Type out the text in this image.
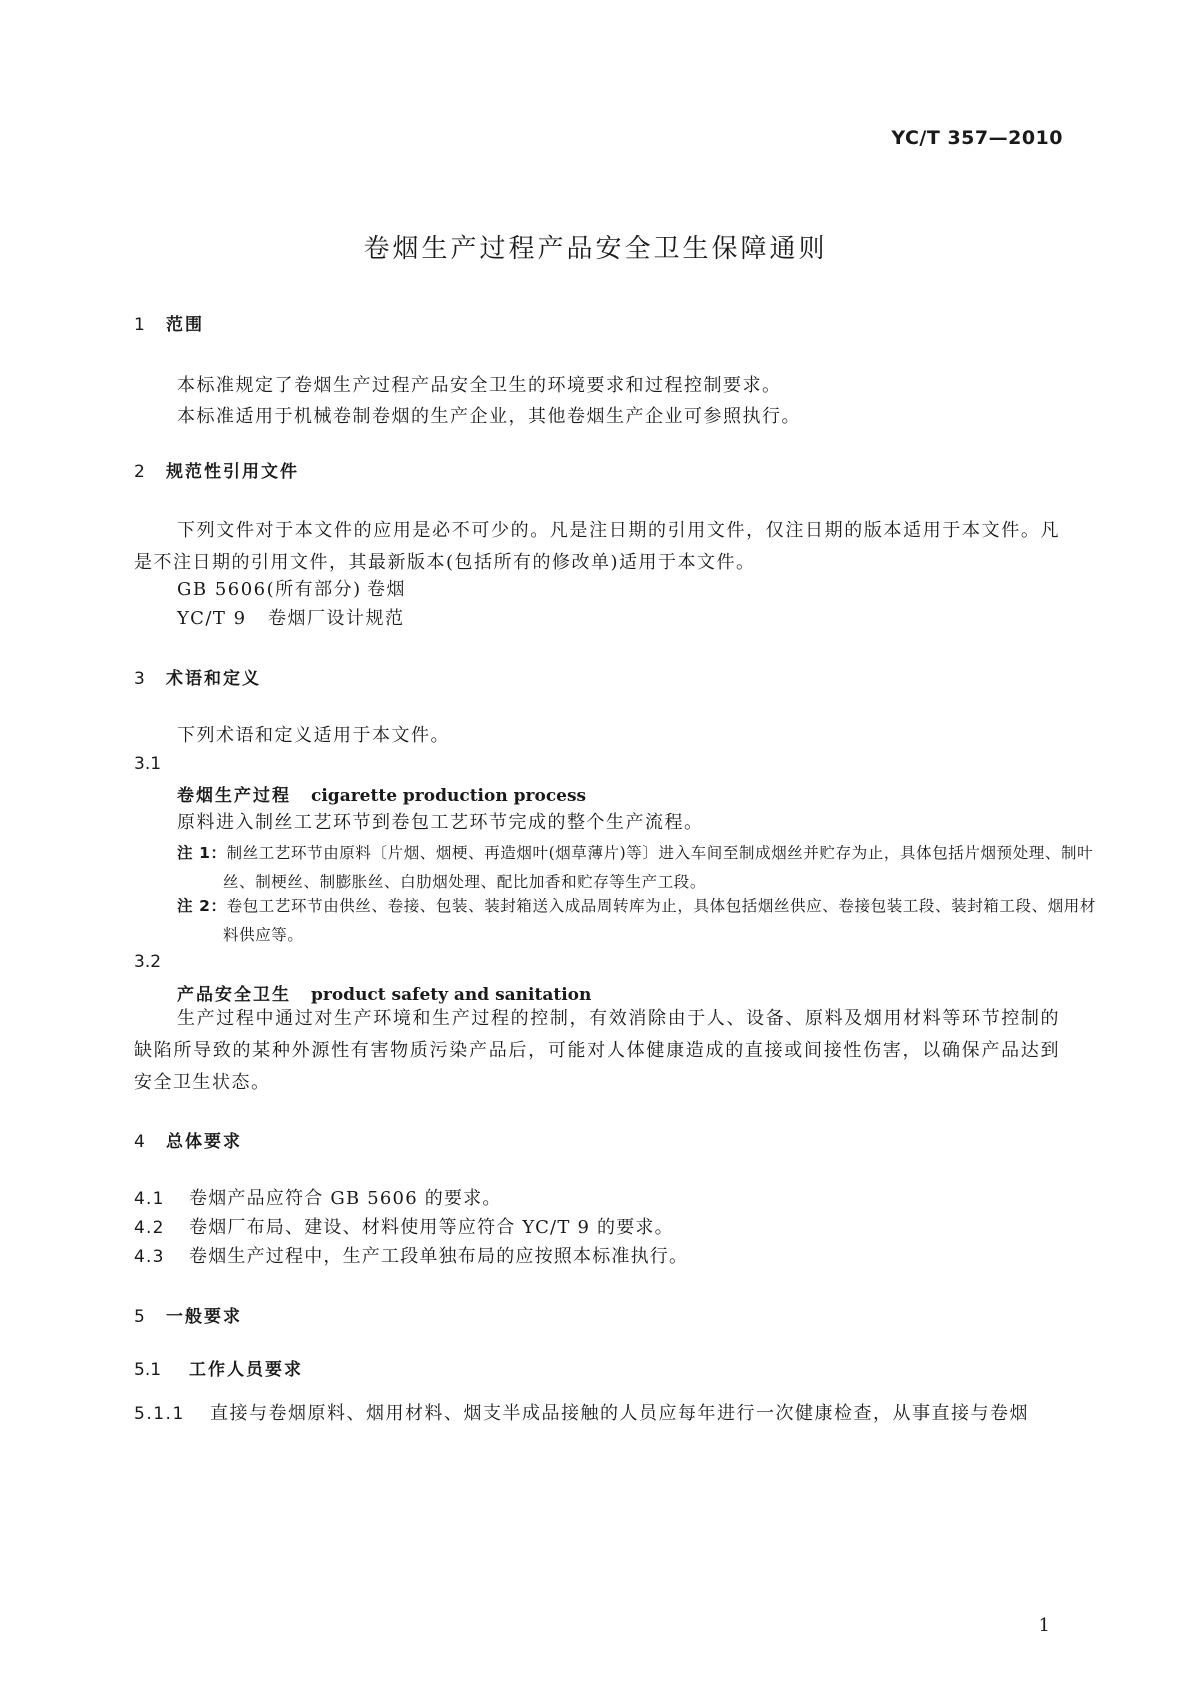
YC/T 357—2010
卷烟生产过程产品安全卫生保障通则
1 范围
本标准规定了卷烟生产过程产品安全卫生的环境要求和过程控制要求。
本标准适用于机械卷制卷烟的生产企业，其他卷烟生产企业可参照执行。
2 规范性引用文件
下列文件对于本文件的应用是必不可少的。凡是注日期的引用文件，仅注日期的版本适用于本文件。凡是不注日期的引用文件，其最新版本(包括所有的修改单)适用于本文件。
GB 5606(所有部分) 卷烟
YC/T 9 卷烟厂设计规范
3 术语和定义
下列术语和定义适用于本文件。
3.1
卷烟生产过程 cigarette production process
原料进入制丝工艺环节到卷包工艺环节完成的整个生产流程。
注 1：制丝工艺环节由原料〔片烟、烟梗、再造烟叶(烟草薄片)等〕进入车间至制成烟丝并贮存为止，具体包括片烟预处理、制叶丝、制梗丝、制膨胀丝、白肋烟处理、配比加香和贮存等生产工段。
注 2：卷包工艺环节由供丝、卷接、包装、装封箱送入成品周转库为止，具体包括烟丝供应、卷接包装工段、装封箱工段、烟用材料供应等。
3.2
产品安全卫生 product safety and sanitation
生产过程中通过对生产环境和生产过程的控制，有效消除由于人、设备、原料及烟用材料等环节控制的缺陷所导致的某种外源性有害物质污染产品后，可能对人体健康造成的直接或间接性伤害，以确保产品达到安全卫生状态。
4 总体要求
4.1 卷烟产品应符合 GB 5606 的要求。
4.2 卷烟厂布局、建设、材料使用等应符合 YC/T 9 的要求。
4.3 卷烟生产过程中，生产工段单独布局的应按照本标准执行。
5 一般要求
5.1 工作人员要求
5.1.1 直接与卷烟原料、烟用材料、烟支半成品接触的人员应每年进行一次健康检查，从事直接与卷烟
1
